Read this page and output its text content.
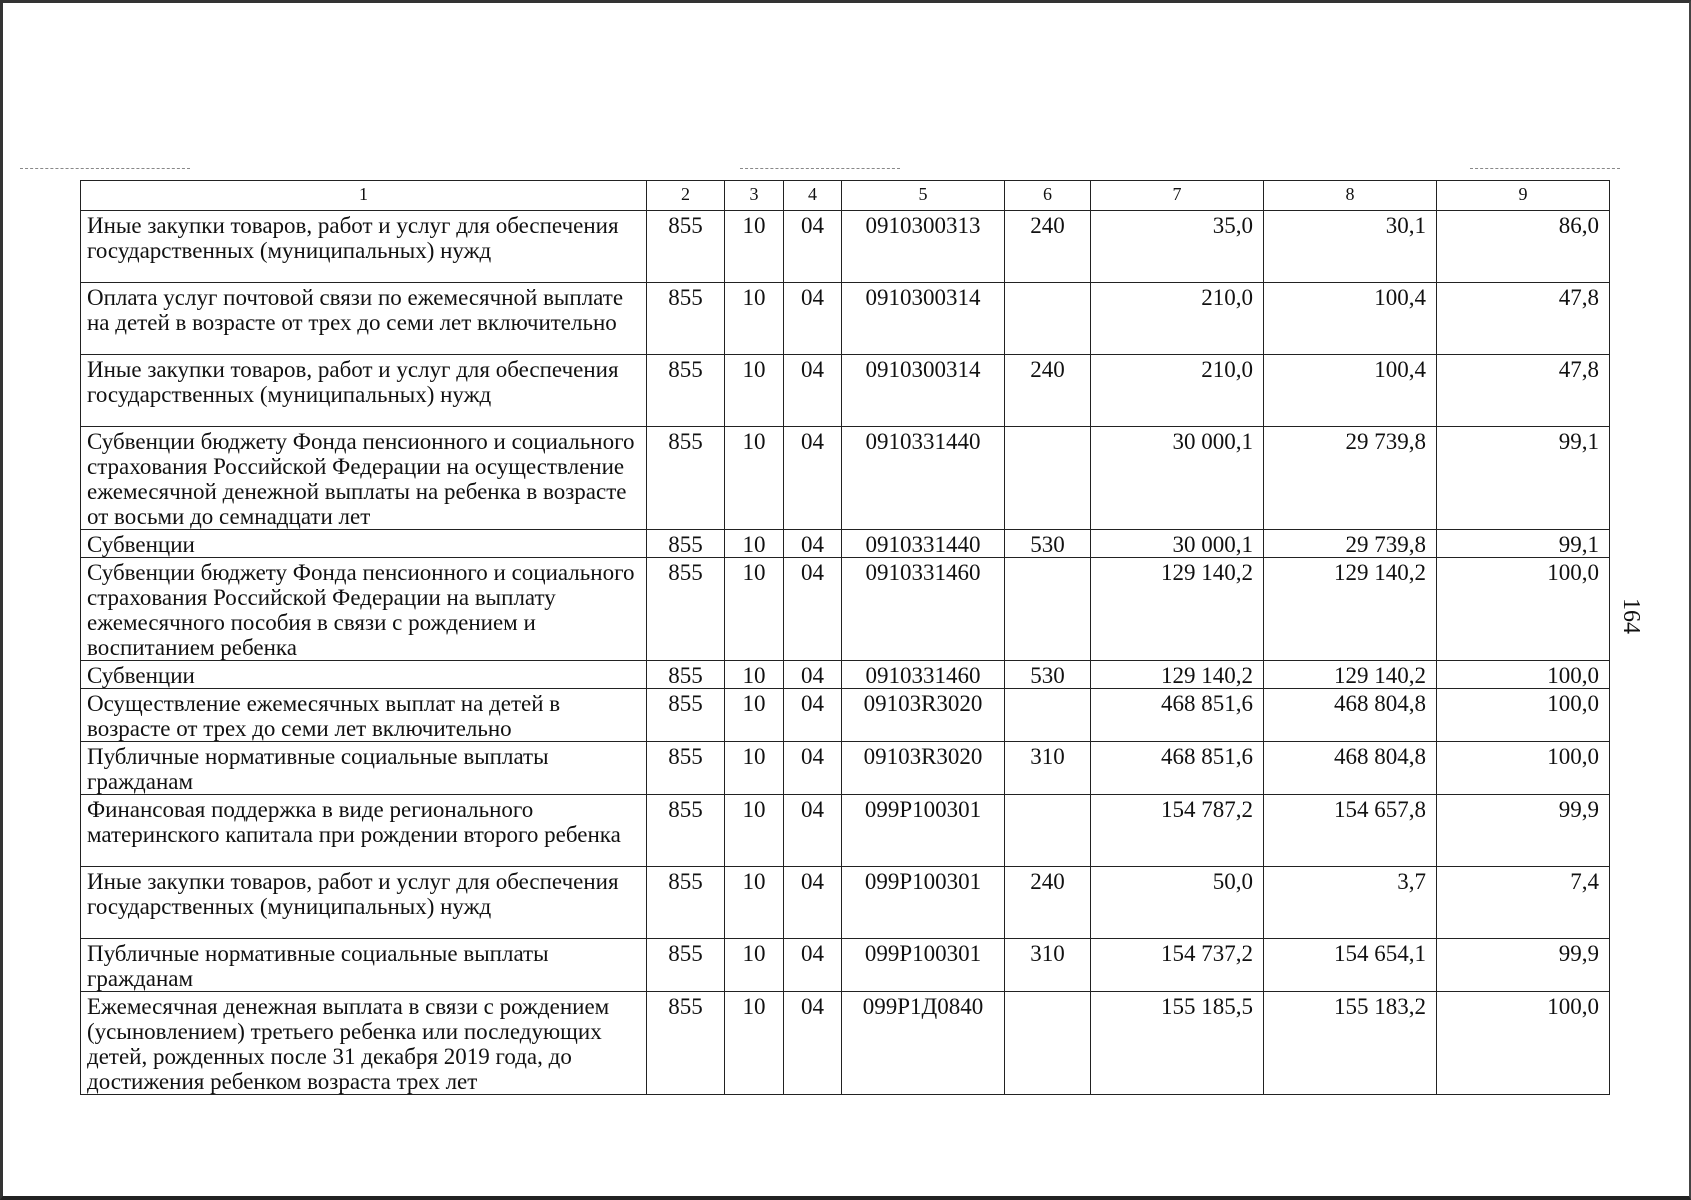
1	2	3	4	5	6	7	8	9
Иные закупки товаров, работ и услуг для обеспечения государственных (муниципальных) нужд	855	10	04	0910300313	240	35,0	30,1	86,0
Оплата услуг почтовой связи по ежемесячной выплате на детей в возрасте от трех до семи лет включительно	855	10	04	0910300314		210,0	100,4	47,8
Иные закупки товаров, работ и услуг для обеспечения государственных (муниципальных) нужд	855	10	04	0910300314	240	210,0	100,4	47,8
Субвенции бюджету Фонда пенсионного и социального страхования Российской Федерации на осуществление ежемесячной денежной выплаты на ребенка в возрасте от восьми до семнадцати лет	855	10	04	0910331440		30 000,1	29 739,8	99,1
Субвенции	855	10	04	0910331440	530	30 000,1	29 739,8	99,1
Субвенции бюджету Фонда пенсионного и социального страхования Российской Федерации на выплату ежемесячного пособия в связи с рождением и воспитанием ребенка	855	10	04	0910331460		129 140,2	129 140,2	100,0
Субвенции	855	10	04	0910331460	530	129 140,2	129 140,2	100,0
Осуществление ежемесячных выплат на детей в возрасте от трех до семи лет включительно	855	10	04	09103R3020		468 851,6	468 804,8	100,0
Публичные нормативные социальные выплаты гражданам	855	10	04	09103R3020	310	468 851,6	468 804,8	100,0
Финансовая поддержка в виде регионального материнского капитала при рождении второго ребенка	855	10	04	099P100301		154 787,2	154 657,8	99,9
Иные закупки товаров, работ и услуг для обеспечения государственных (муниципальных) нужд	855	10	04	099P100301	240	50,0	3,7	7,4
Публичные нормативные социальные выплаты гражданам	855	10	04	099P100301	310	154 737,2	154 654,1	99,9
Ежемесячная денежная выплата в связи с рождением (усыновлением) третьего ребенка или последующих детей, рожденных после 31 декабря 2019 года, до достижения ребенком возраста трех лет	855	10	04	099P1Д0840		155 185,5	155 183,2	100,0
164
